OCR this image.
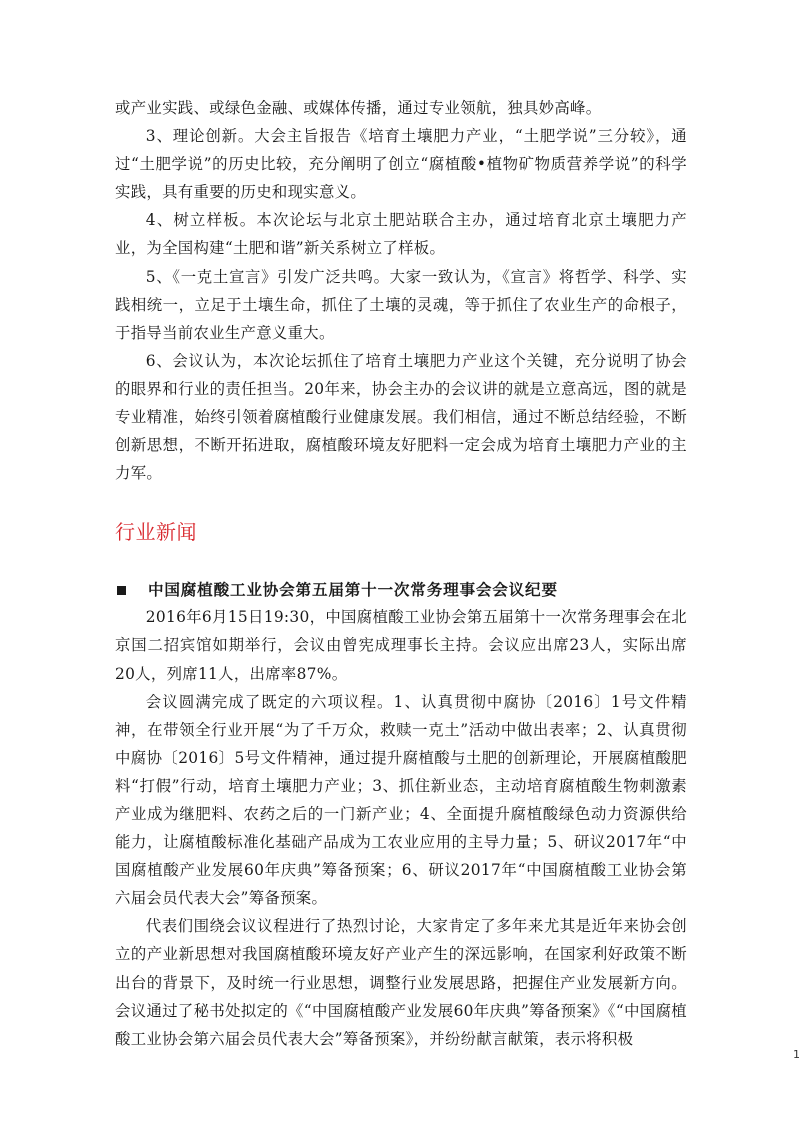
或产业实践、或绿色金融、或媒体传播，通过专业领航，独具妙高峰。

3、理论创新。大会主旨报告《培育土壤肥力产业，“土肥学说”三分较》，通过“土肥学说”的历史比较，充分阐明了创立“腐植酸•植物矿物质营养学说”的科学实践，具有重要的历史和现实意义。

4、树立样板。本次论坛与北京土肥站联合主办，通过培育北京土壤肥力产业，为全国构建“土肥和谐”新关系树立了样板。

5、《一克土宣言》引发广泛共鸣。大家一致认为，《宣言》将哲学、科学、实践相统一，立足于土壤生命，抓住了土壤的灵魂，等于抓住了农业生产的命根子，于指导当前农业生产意义重大。

6、会议认为，本次论坛抓住了培育土壤肥力产业这个关键，充分说明了协会的眼界和行业的责任担当。20年来，协会主办的会议讲的就是立意高远，图的就是专业精准，始终引领着腐植酸行业健康发展。我们相信，通过不断总结经验，不断创新思想，不断开拓进取，腐植酸环境友好肥料一定会成为培育土壤肥力产业的主力军。

行业新闻
中国腐植酸工业协会第五届第十一次常务理事会会议纪要

2016年6月15日19:30，中国腐植酸工业协会第五届第十一次常务理事会在北京国二招宾馆如期举行，会议由曾宪成理事长主持。会议应出席23人，实际出席20人，列席11人，出席率87%。

会议圆满完成了既定的六项议程。1、认真贯彻中腐协〔2016〕1号文件精神，在带领全行业开展“为了千万众，救赎一克土”活动中做出表率；2、认真贯彻中腐协〔2016〕5号文件精神，通过提升腐植酸与土肥的创新理论，开展腐植酸肥料“打假”行动，培育土壤肥力产业；3、抓住新业态，主动培育腐植酸生物刺激素产业成为继肥料、农药之后的一门新产业；4、全面提升腐植酸绿色动力资源供给能力，让腐植酸标准化基础产品成为工农业应用的主导力量；5、研议2017年“中国腐植酸产业发展60年庆典”筹备预案；6、研议2017年“中国腐植酸工业协会第六届会员代表大会”筹备预案。

代表们围绕会议议程进行了热烈讨论，大家肯定了多年来尤其是近年来协会创立的产业新思想对我国腐植酸环境友好产业产生的深远影响，在国家利好政策不断出台的背景下，及时统一行业思想，调整行业发展思路，把握住产业发展新方向。会议通过了秘书处拟定的《“中国腐植酸产业发展60年庆典”筹备预案》《“中国腐植酸工业协会第六届会员代表大会”筹备预案》，并纷纷献言献策，表示将积极

1
